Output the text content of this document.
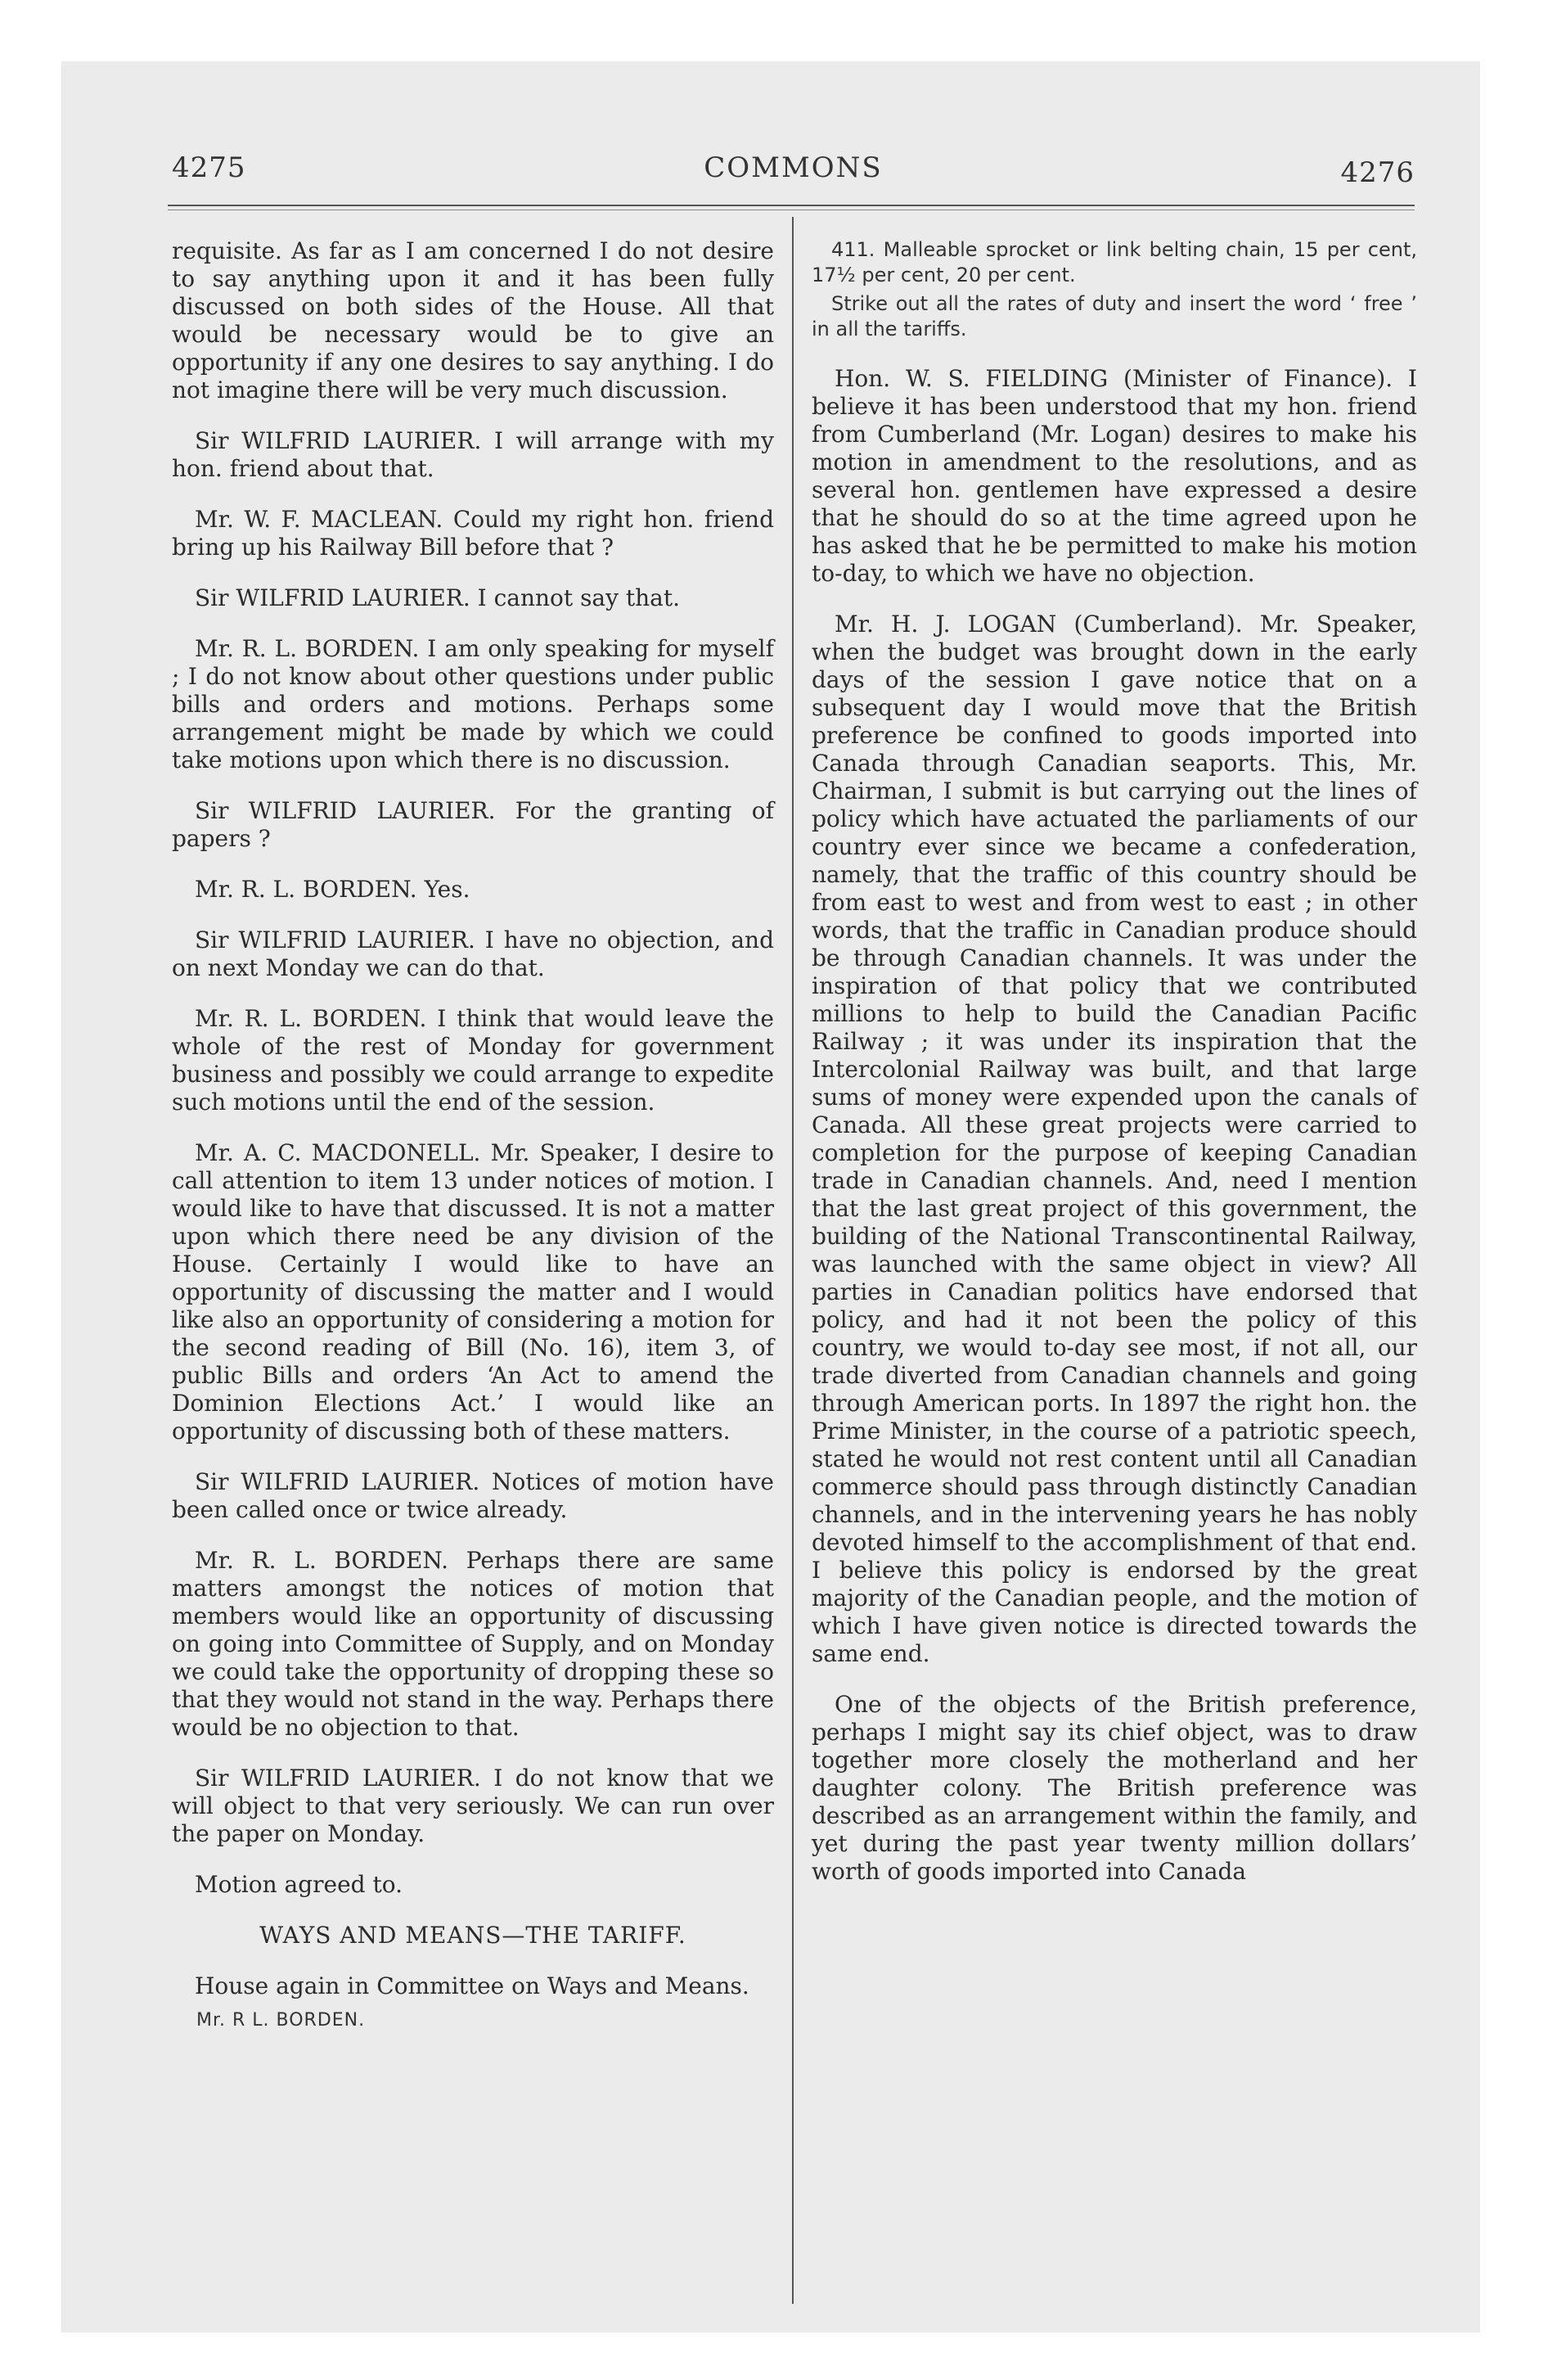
4275	COMMONS	4276

requisite. As far as I am concerned I do not desire to say anything upon it and it has been fully discussed on both sides of the House. All that would be necessary would be to give an opportunity if any one desires to say anything. I do not imagine there will be very much discussion.

Sir WILFRID LAURIER. I will arrange with my hon. friend about that.

Mr. W. F. MACLEAN. Could my right hon. friend bring up his Railway Bill before that ?

Sir WILFRID LAURIER. I cannot say that.

Mr. R. L. BORDEN. I am only speaking for myself ; I do not know about other questions under public bills and orders and motions. Perhaps some arrangement might be made by which we could take motions upon which there is no discussion.

Sir WILFRID LAURIER. For the granting of papers ?

Mr. R. L. BORDEN. Yes.

Sir WILFRID LAURIER. I have no objection, and on next Monday we can do that.

Mr. R. L. BORDEN. I think that would leave the whole of the rest of Monday for government business and possibly we could arrange to expedite such motions until the end of the session.

Mr. A. C. MACDONELL. Mr. Speaker, I desire to call attention to item 13 under notices of motion. I would like to have that discussed. It is not a matter upon which there need be any division of the House. Certainly I would like to have an opportunity of discussing the matter and I would like also an opportunity of considering a motion for the second reading of Bill (No. 16), item 3, of public Bills and orders ‘An Act to amend the Dominion Elections Act.’ I would like an opportunity of discussing both of these matters.

Sir WILFRID LAURIER. Notices of motion have been called once or twice already.

Mr. R. L. BORDEN. Perhaps there are same matters amongst the notices of motion that members would like an opportunity of discussing on going into Committee of Supply, and on Monday we could take the opportunity of dropping these so that they would not stand in the way. Perhaps there would be no objection to that.

Sir WILFRID LAURIER. I do not know that we will object to that very seriously. We can run over the paper on Monday.

Motion agreed to.

WAYS AND MEANS—THE TARIFF.

House again in Committee on Ways and Means.

Mr. R L. BORDEN.

411. Malleable sprocket or link belting chain, 15 per cent, 17½ per cent, 20 per cent.

Strike out all the rates of duty and insert the word ‘ free ’ in all the tariffs.

Hon. W. S. FIELDING (Minister of Finance). I believe it has been understood that my hon. friend from Cumberland (Mr. Logan) desires to make his motion in amendment to the resolutions, and as several hon. gentlemen have expressed a desire that he should do so at the time agreed upon he has asked that he be permitted to make his motion to-day, to which we have no objection.

Mr. H. J. LOGAN (Cumberland). Mr. Speaker, when the budget was brought down in the early days of the session I gave notice that on a subsequent day I would move that the British preference be confined to goods imported into Canada through Canadian seaports. This, Mr. Chairman, I submit is but carrying out the lines of policy which have actuated the parliaments of our country ever since we became a confederation, namely, that the traffic of this country should be from east to west and from west to east ; in other words, that the traffic in Canadian produce should be through Canadian channels. It was under the inspiration of that policy that we contributed millions to help to build the Canadian Pacific Railway ; it was under its inspiration that the Intercolonial Railway was built, and that large sums of money were expended upon the canals of Canada. All these great projects were carried to completion for the purpose of keeping Canadian trade in Canadian channels. And, need I mention that the last great project of this government, the building of the National Transcontinental Railway, was launched with the same object in view? All parties in Canadian politics have endorsed that policy, and had it not been the policy of this country, we would to-day see most, if not all, our trade diverted from Canadian channels and going through American ports. In 1897 the right hon. the Prime Minister, in the course of a patriotic speech, stated he would not rest content until all Canadian commerce should pass through distinctly Canadian channels, and in the intervening years he has nobly devoted himself to the accomplishment of that end. I believe this policy is endorsed by the great majority of the Canadian people, and the motion of which I have given notice is directed towards the same end.

One of the objects of the British preference, perhaps I might say its chief object, was to draw together more closely the motherland and her daughter colony. The British preference was described as an arrangement within the family, and yet during the past year twenty million dollars’ worth of goods imported into Canada
